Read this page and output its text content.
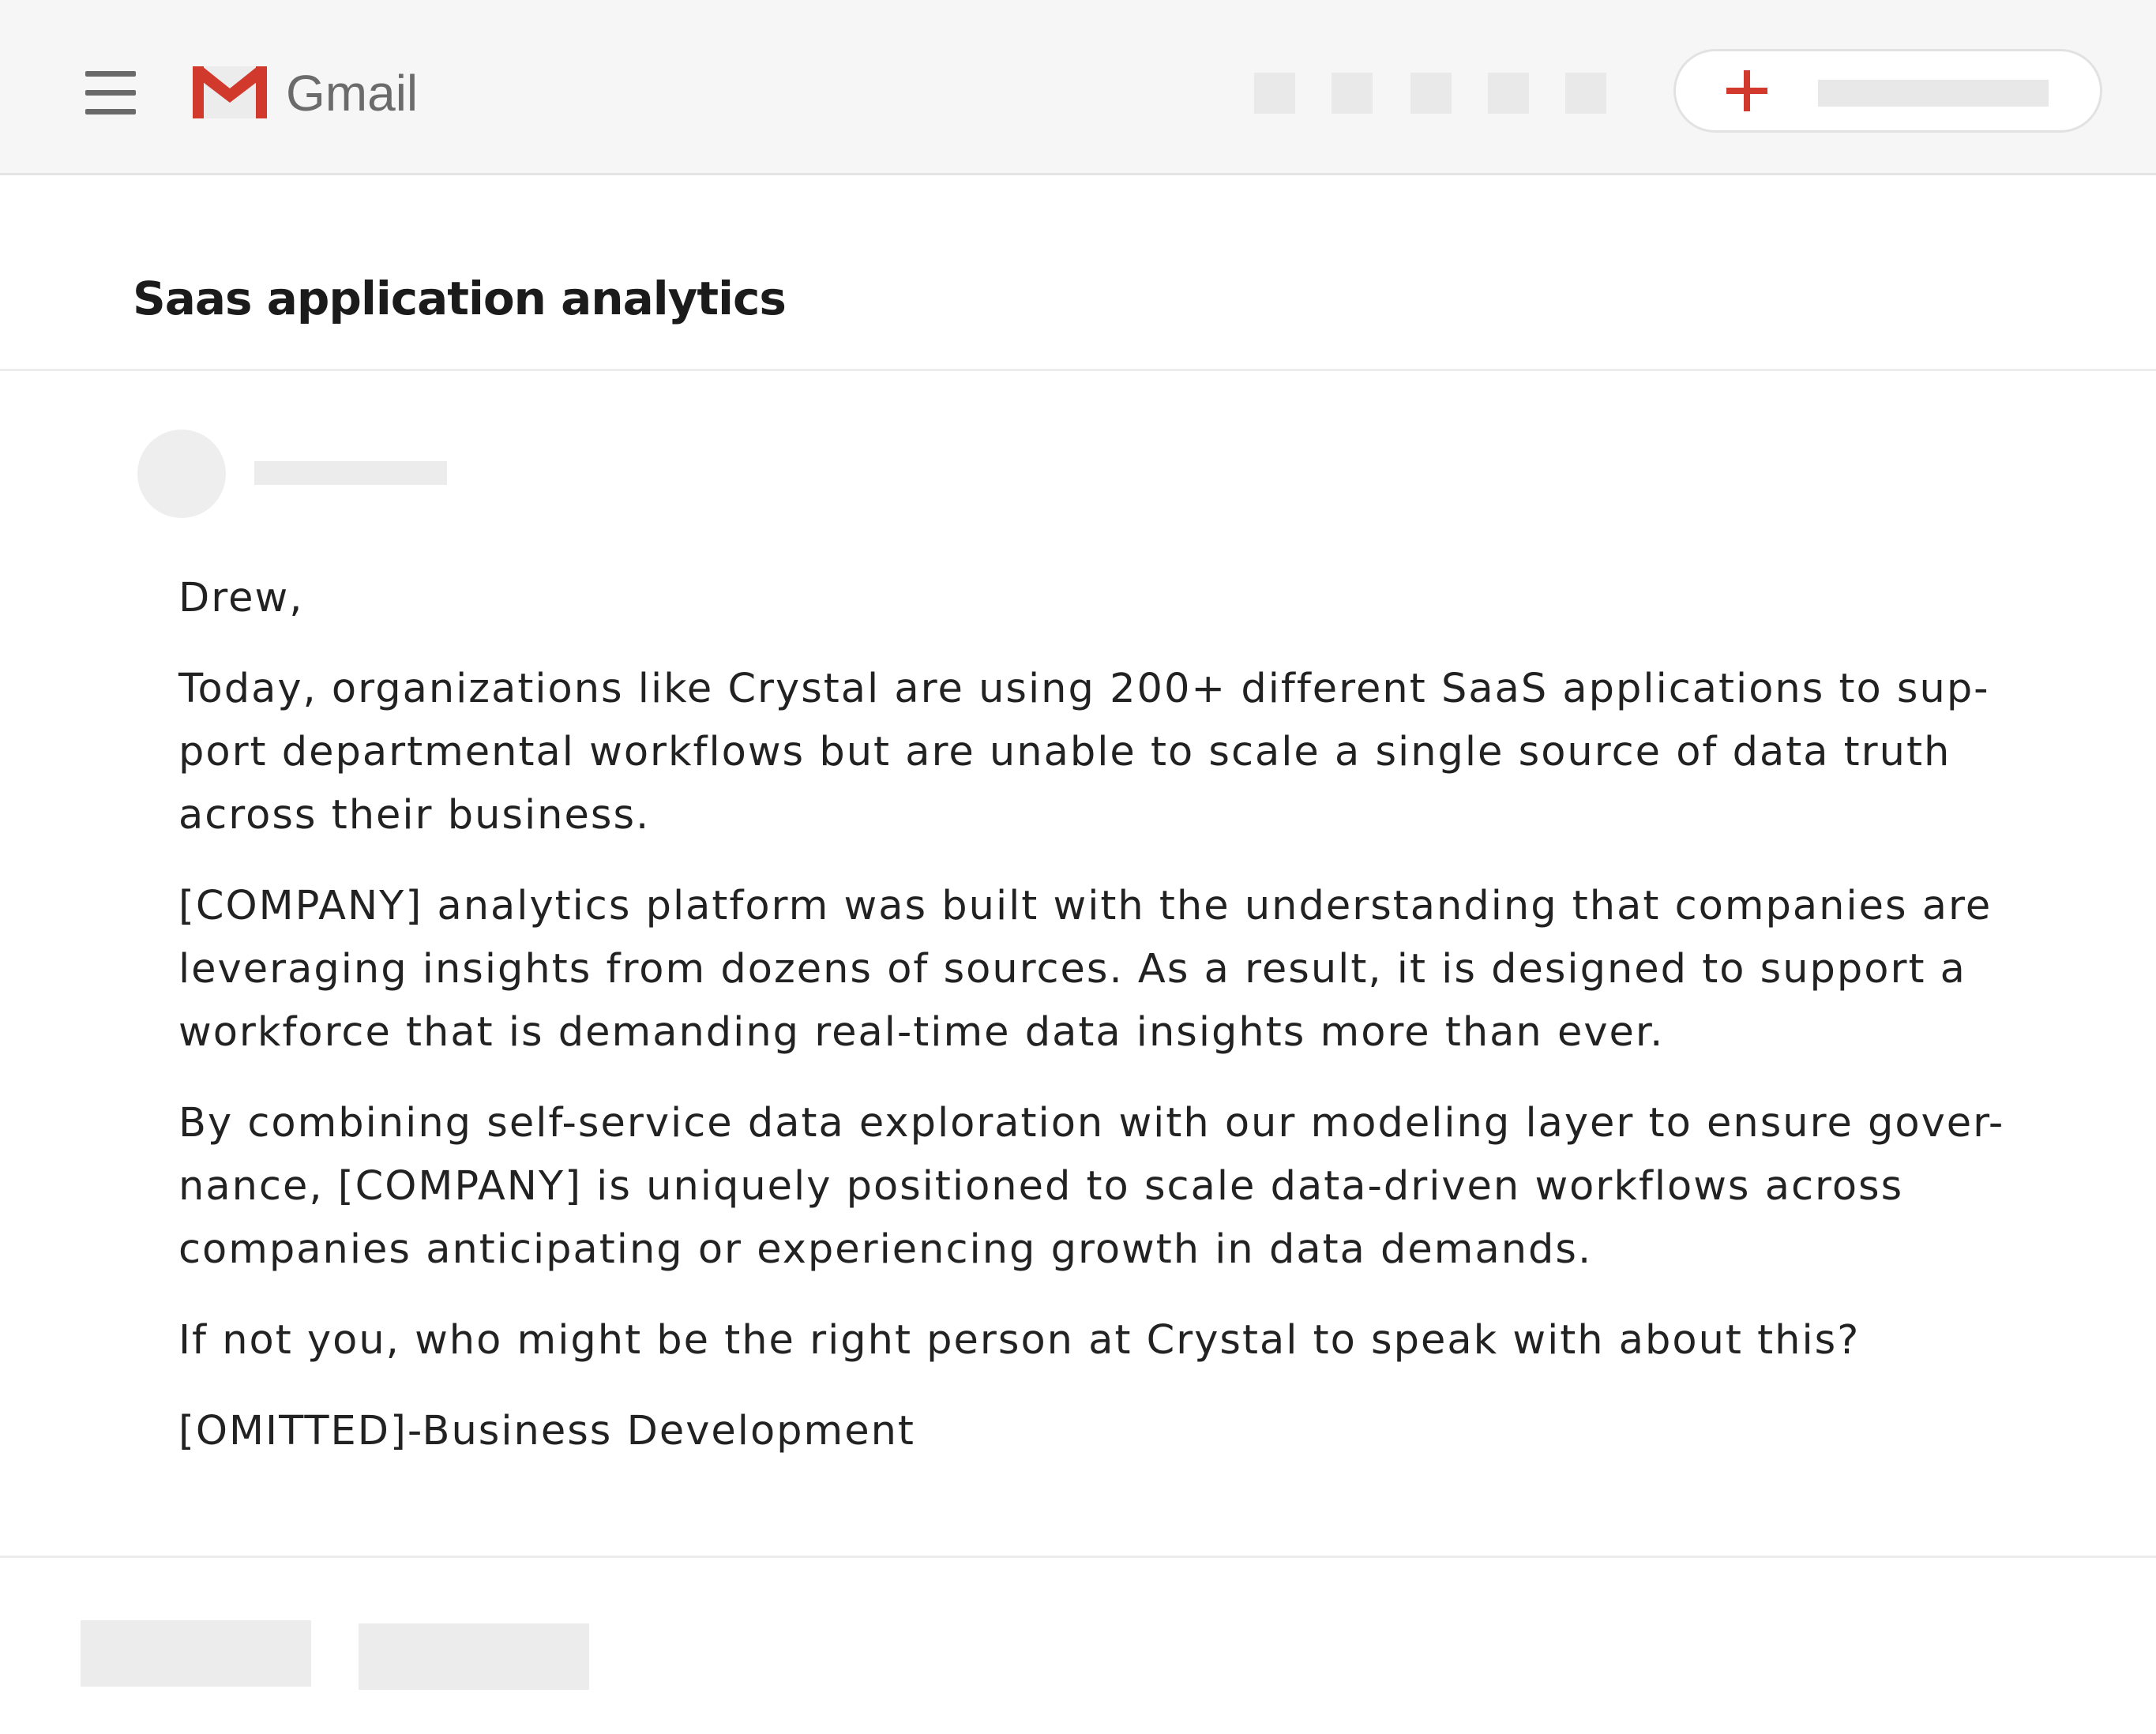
Gmail
Saas application analytics

Drew,

Today, organizations like Crystal are using 200+ different SaaS applications to sup-
port departmental workflows but are unable to scale a single source of data truth
across their business.

[COMPANY] analytics platform was built with the understanding that companies are
leveraging insights from dozens of sources. As a result, it is designed to support a
workforce that is demanding real-time data insights more than ever.

By combining self-service data exploration with our modeling layer to ensure gover-
nance, [COMPANY] is uniquely positioned to scale data-driven workflows across
companies anticipating or experiencing growth in data demands.

If not you, who might be the right person at Crystal to speak with about this?

[OMITTED]-Business Development
